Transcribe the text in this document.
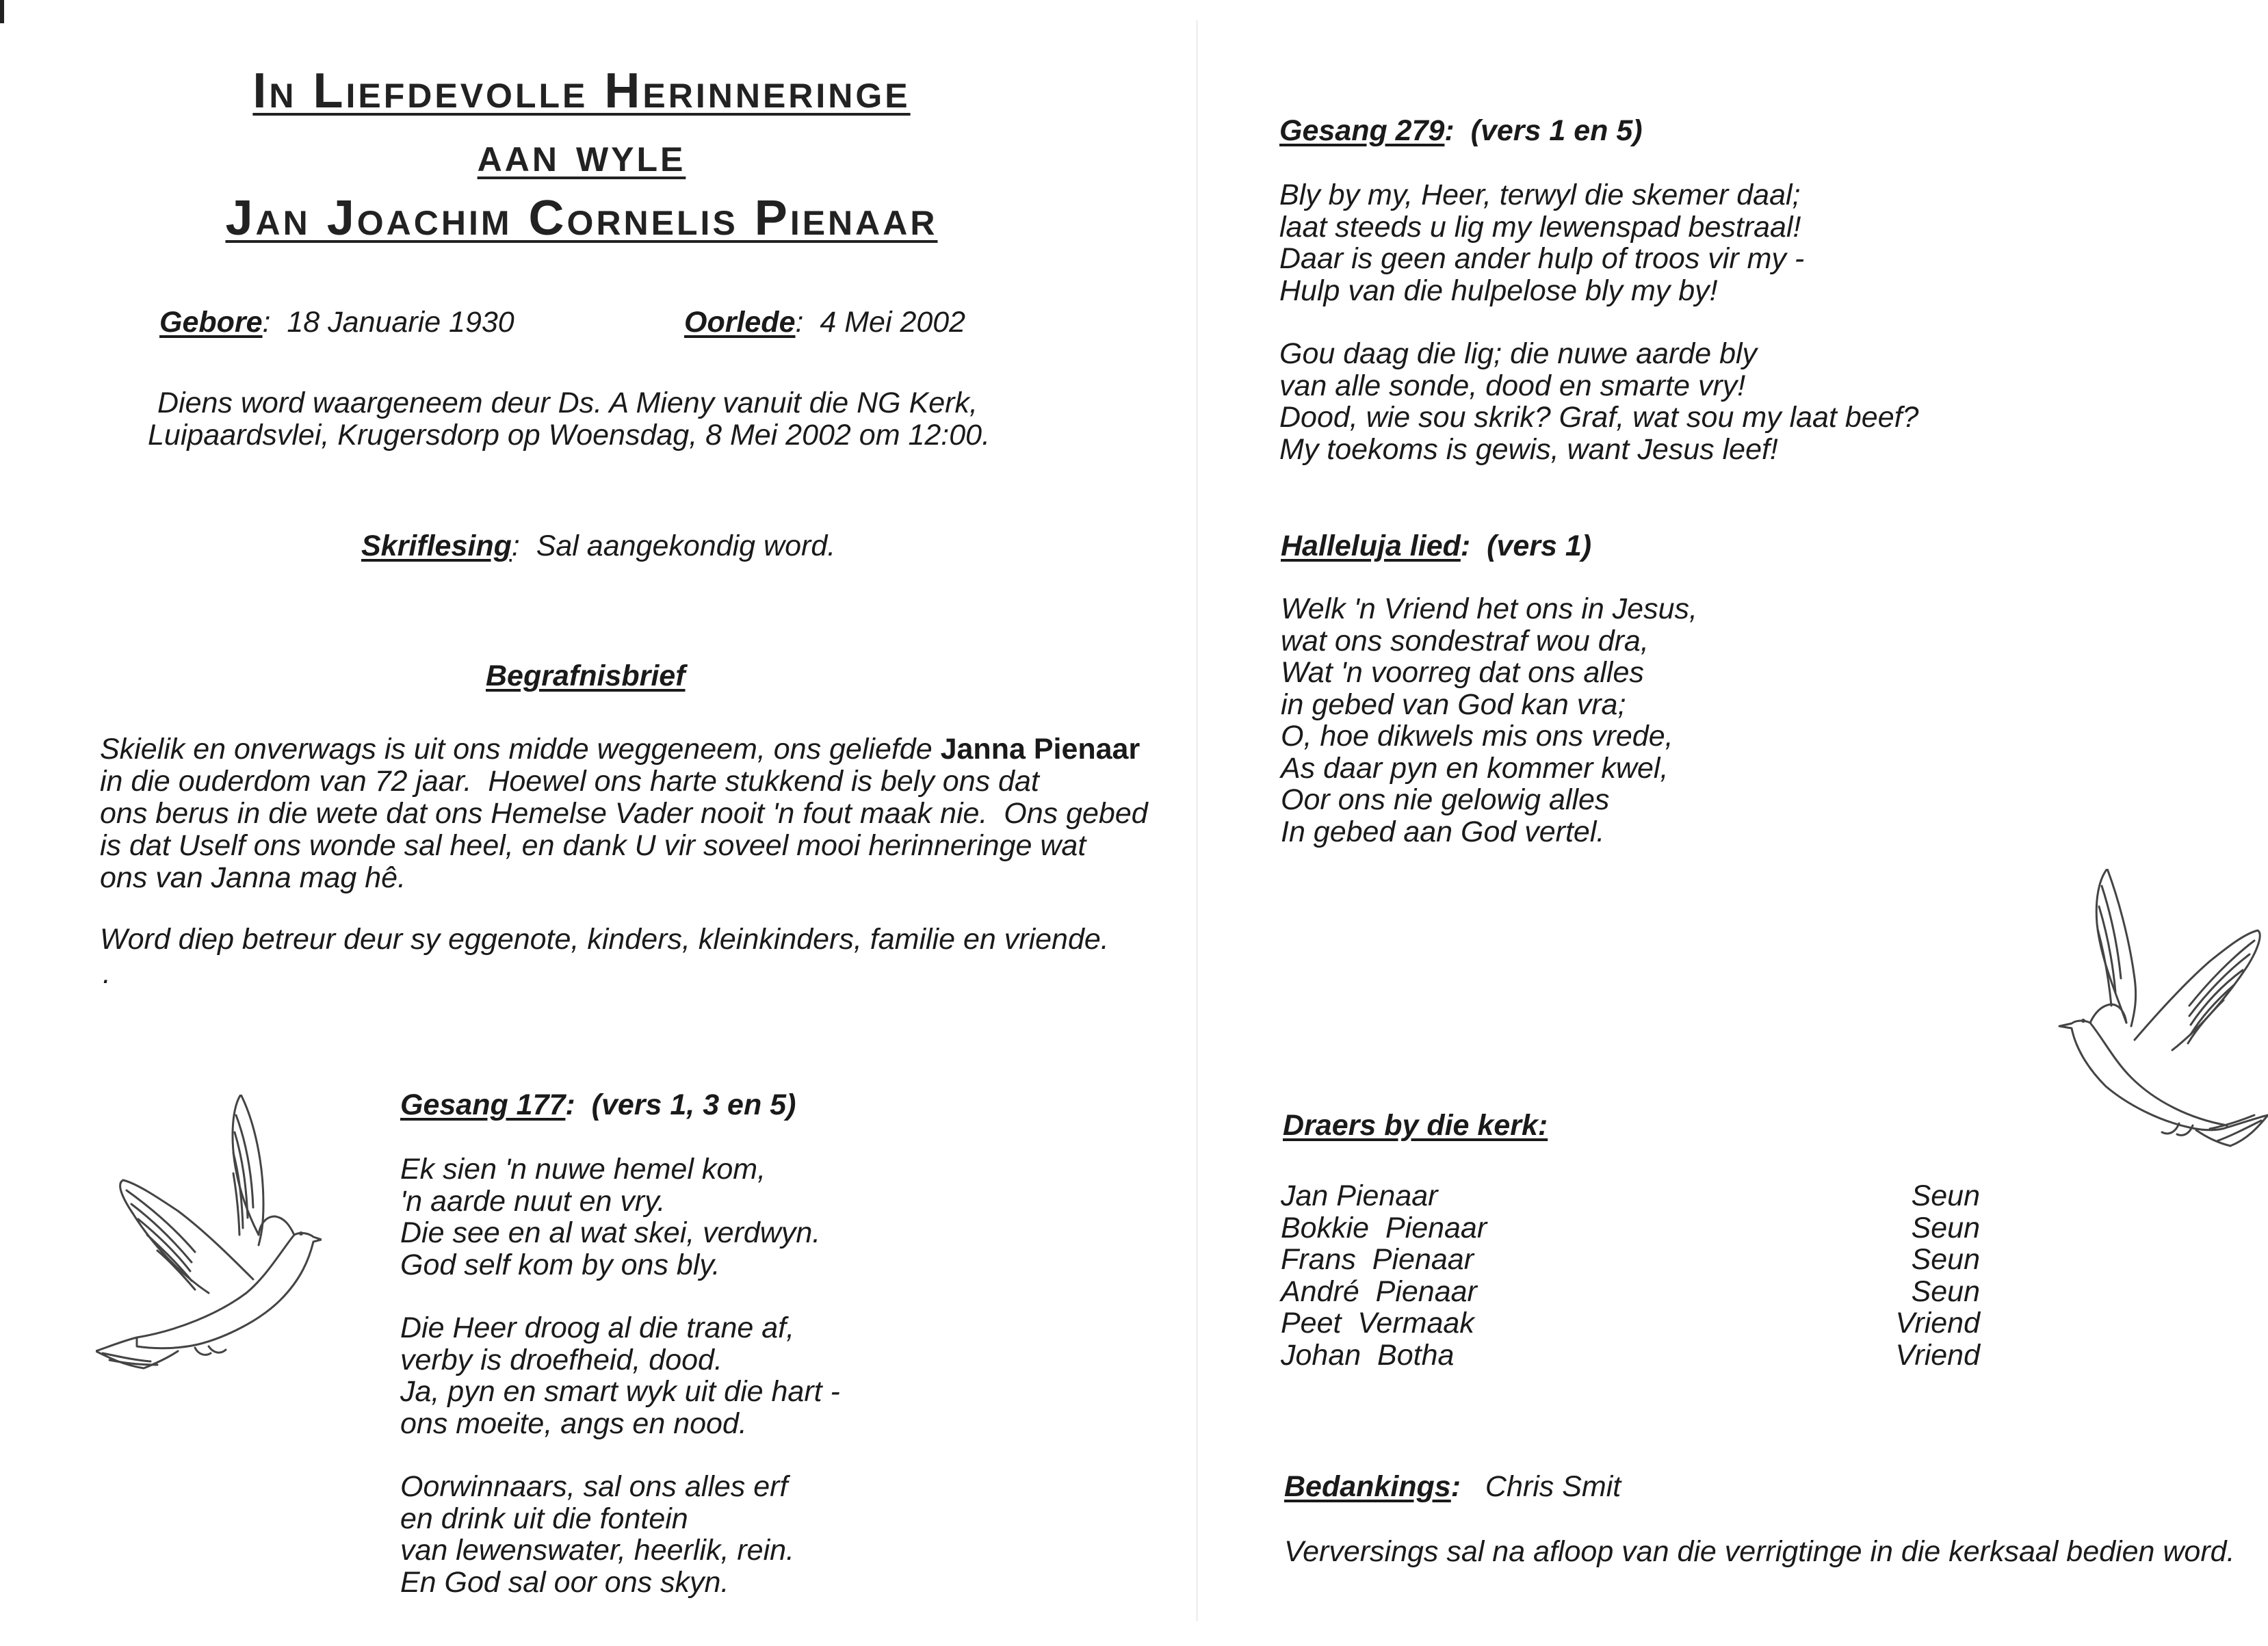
In Liefdevolle Herinneringe
aan wyle
Jan Joachim Cornelis Pienaar

Gebore:  18 Januarie 1930	Oorlede:  4 Mei 2002

Diens word waargeneem deur Ds. A Mieny vanuit die NG Kerk,

Luipaardsvlei, Krugersdorp op Woensdag, 8 Mei 2002 om 12:00.

Skriflesing:  Sal aangekondig word.

Begrafnisbrief

Skielik en onverwags is uit ons midde weggeneem, ons geliefde Janna Pienaar

in die ouderdom van 72 jaar.  Hoewel ons harte stukkend is bely ons dat

ons berus in die wete dat ons Hemelse Vader nooit 'n fout maak nie.  Ons gebed

is dat Uself ons wonde sal heel, en dank U vir soveel mooi herinneringe wat

ons van Janna mag hê.

Word diep betreur deur sy eggenote, kinders, kleinkinders, familie en vriende.

.

Gesang 177:  (vers 1, 3 en 5)

Ek sien 'n nuwe hemel kom,
'n aarde nuut en vry.
Die see en al wat skei, verdwyn.
God self kom by ons bly.
Die Heer droog al die trane af,
verby is droefheid, dood.
Ja, pyn en smart wyk uit die hart -
ons moeite, angs en nood.
Oorwinnaars, sal ons alles erf
en drink uit die fontein
van lewenswater, heerlik, rein.
En God sal oor ons skyn.

Gesang 279:  (vers 1 en 5)

Bly by my, Heer, terwyl die skemer daal;
laat steeds u lig my lewenspad bestraal!
Daar is geen ander hulp of troos vir my -
Hulp van die hulpelose bly my by!
Gou daag die lig; die nuwe aarde bly
van alle sonde, dood en smarte vry!
Dood, wie sou skrik? Graf, wat sou my laat beef?
My toekoms is gewis, want Jesus leef!

Halleluja lied:  (vers 1)

Welk 'n Vriend het ons in Jesus,
wat ons sondestraf wou dra,
Wat 'n voorreg dat ons alles
in gebed van God kan vra;
O, hoe dikwels mis ons vrede,
As daar pyn en kommer kwel,
Oor ons nie gelowig alles
In gebed aan God vertel.

Draers by die kerk:

Jan Pienaar	Seun
Bokkie  Pienaar	Seun
Frans  Pienaar	Seun
André  Pienaar	Seun
Peet  Vermaak	Vriend
Johan  Botha	Vriend

Bedankings: Chris Smit

Verversings sal na afloop van die verrigtinge in die kerksaal bedien word.
